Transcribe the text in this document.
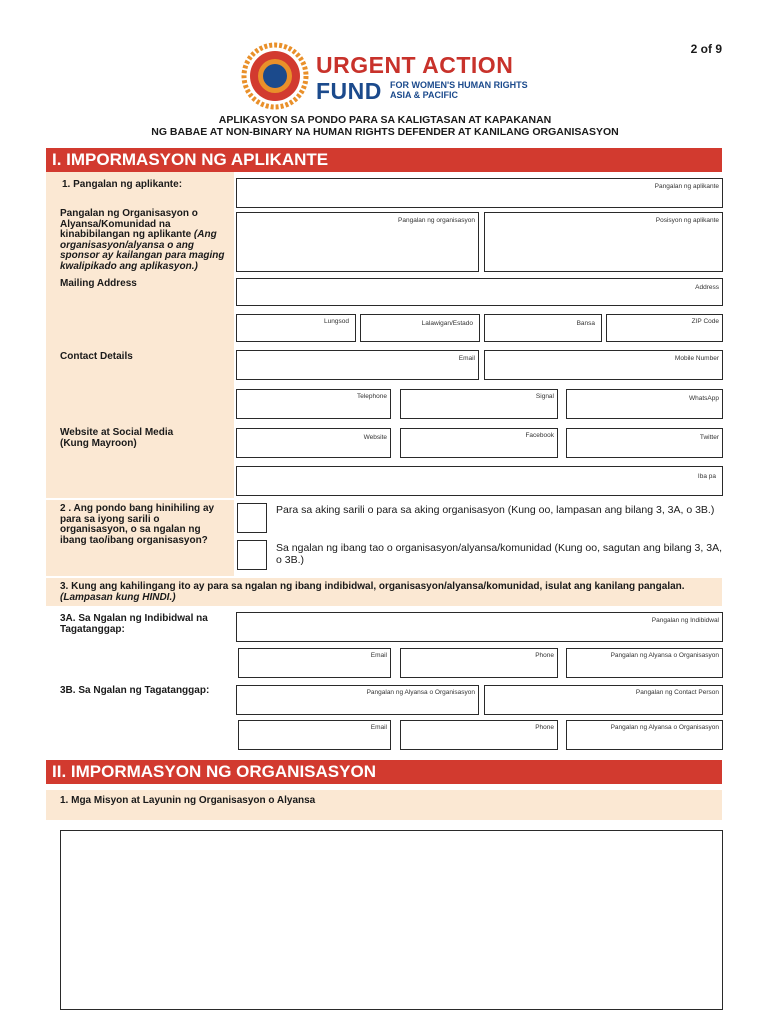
2 of 9
URGENT ACTION
FUND FOR WOMEN'S HUMAN RIGHTS
ASIA & PACIFIC
APLIKASYON SA PONDO PARA SA KALIGTASAN AT KAPAKANAN
NG BABAE AT NON-BINARY NA HUMAN RIGHTS DEFENDER AT KANILANG ORGANISASYON
I. IMPORMASYON NG APLIKANTE
1. Pangalan ng aplikante:	Pangalan ng aplikante
Pangalan ng Organisasyon o Alyansa/Komunidad na kinabibilangan ng aplikante (Ang organisasyon/alyansa o ang sponsor ay kailangan para maging kwalipikado ang aplikasyon.)
Pangalan ng organisasyon	Posisyon ng aplikante
Mailing Address	Address
Lungsod	Lalawigan/Estado	Bansa	ZIP Code
Contact Details	Email	Mobile Number
Telephone	Signal	WhatsApp
Website at Social Media
(Kung Mayroon)	Website	Facebook	Twitter
Iba pa
2 . Ang pondo bang hinihiling ay para sa iyong sarili o organisasyon, o sa ngalan ng ibang tao/ibang organisasyon?
Para sa aking sarili o para sa aking organisasyon (Kung oo, lampasan ang bilang 3, 3A, o 3B.)
Sa ngalan ng ibang tao o organisasyon/alyansa/komunidad (Kung oo, sagutan ang bilang 3, 3A, o 3B.)
3. Kung ang kahilingang ito ay para sa ngalan ng ibang indibidwal, organisasyon/alyansa/komunidad, isulat ang kanilang pangalan.
(Lampasan kung HINDI.)
3A. Sa Ngalan ng Indibidwal na Tagatanggap:
Pangalan ng Indibidwal
Email	Phone	Pangalan ng Alyansa o Organisasyon
3B. Sa Ngalan ng Tagatanggap:	Pangalan ng Alyansa o Organisasyon	Pangalan ng Contact Person
Email	Phone	Pangalan ng Alyansa o Organisasyon
II. IMPORMASYON NG ORGANISASYON
1. Mga Misyon at Layunin ng Organisasyon o Alyansa
